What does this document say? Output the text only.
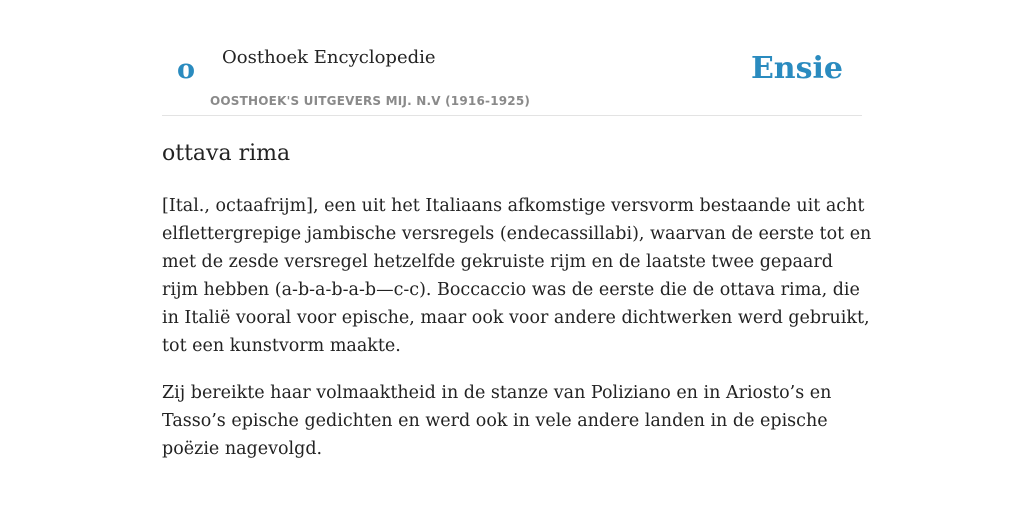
o Oosthoek Encyclopedie
OOSTHOEK'S UITGEVERS MIJ. N.V (1916-1925)
Ensie
ottava rima

[Ital., octaafrijm], een uit het Italiaans afkomstige versvorm bestaande uit acht elflettergrepige jambische versregels (endecassillabi), waarvan de eerste tot en met de zesde versregel hetzelfde gekruiste rijm en de laatste twee gepaard rijm hebben (a-b-a-b-a-b—c-c). Boccaccio was de eerste die de ottava rima, die in Italië vooral voor epische, maar ook voor andere dichtwerken werd gebruikt, tot een kunstvorm maakte.

Zij bereikte haar volmaaktheid in de stanze van Poliziano en in Ariosto’s en Tasso’s epische gedichten en werd ook in vele andere landen in de epische poëzie nagevolgd.
